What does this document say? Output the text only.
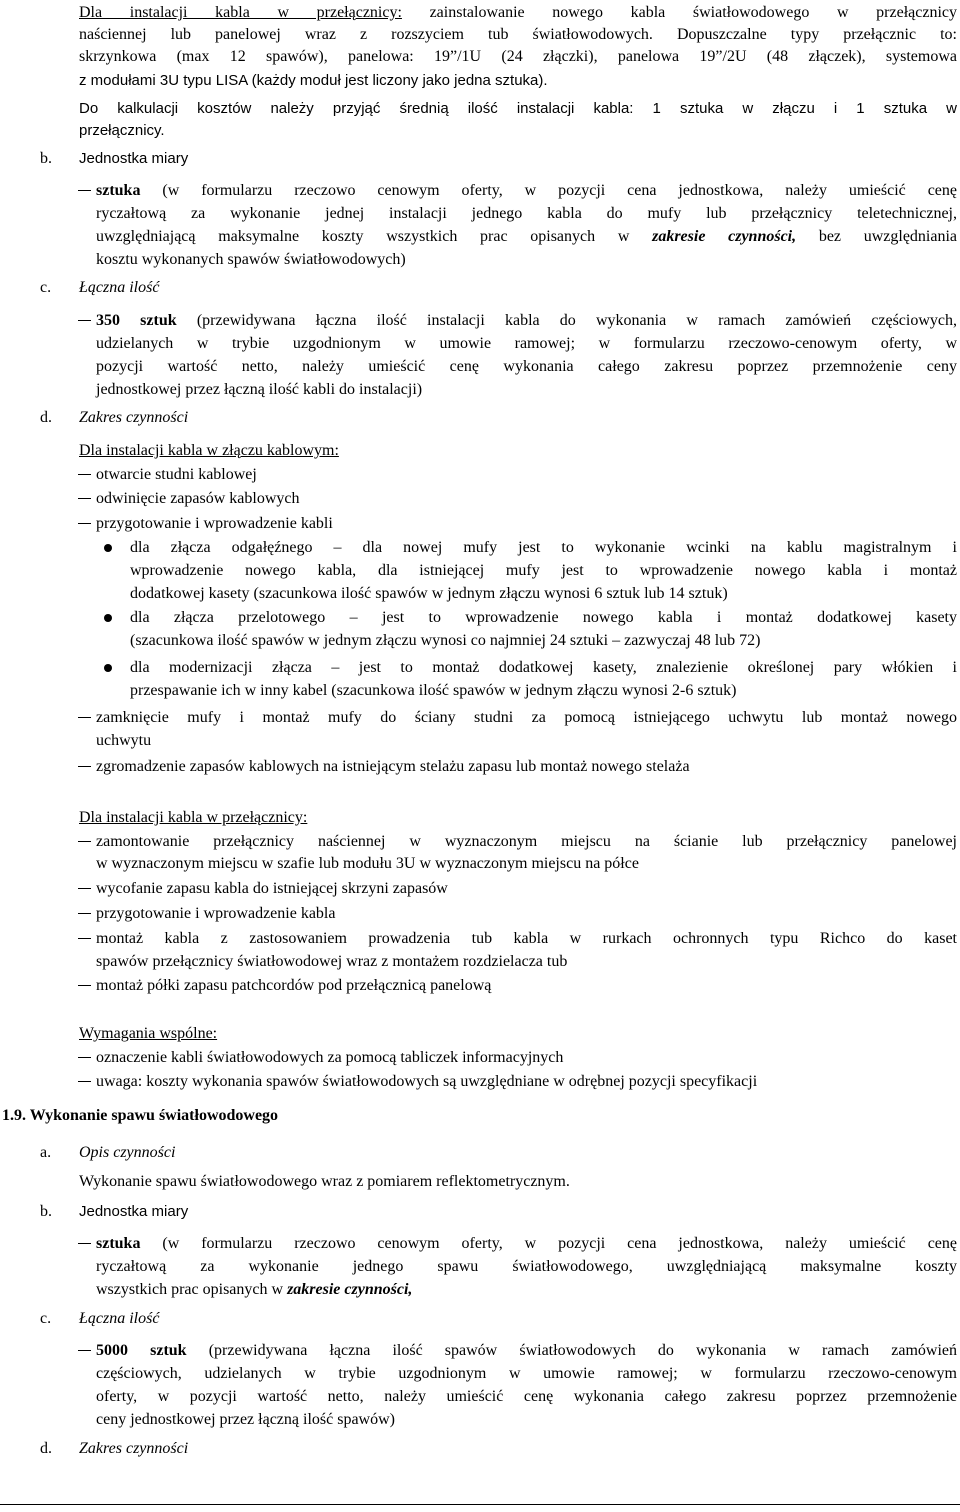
Dla instalacji kabla w przełącznicy: zainstalowanie nowego kabla światłowodowego w przełącznicy
naściennej lub panelowej wraz z rozszyciem tub światłowodowych. Dopuszczalne typy przełącznic to:
skrzynkowa (max 12 spawów), panelowa: 19”/1U (24 złączki), panelowa 19”/2U (48 złączek), systemowa
z modułami 3U typu LISA (każdy moduł jest liczony jako jedna sztuka).
Do kalkulacji kosztów należy przyjąć średnią ilość instalacji kabla: 1 sztuka w złączu i 1 sztuka w
przełącznicy.
b. Jednostka miary
sztuka (w formularzu rzeczowo cenowym oferty, w pozycji cena jednostkowa, należy umieścić cenę
ryczałtową za wykonanie jednej instalacji jednego kabla do mufy lub przełącznicy teletechnicznej,
uwzględniającą maksymalne koszty wszystkich prac opisanych w zakresie czynności, bez uwzględniania
kosztu wykonanych spawów światłowodowych)
c. Łączna ilość
350 sztuk (przewidywana łączna ilość instalacji kabla do wykonania w ramach zamówień częściowych,
udzielanych w trybie uzgodnionym w umowie ramowej; w formularzu rzeczowo-cenowym oferty, w
pozycji wartość netto, należy umieścić cenę wykonania całego zakresu poprzez przemnożenie ceny
jednostkowej przez łączną ilość kabli do instalacji)
d. Zakres czynności
Dla instalacji kabla w złączu kablowym:
otwarcie studni kablowej
odwinięcie zapasów kablowych
przygotowanie i wprowadzenie kabli
dla złącza odgałęźnego – dla nowej mufy jest to wykonanie wcinki na kablu magistralnym i
wprowadzenie nowego kabla, dla istniejącej mufy jest to wprowadzenie nowego kabla i montaż
dodatkowej kasety (szacunkowa ilość spawów w jednym złączu wynosi 6 sztuk lub 14 sztuk)
dla złącza przelotowego – jest to wprowadzenie nowego kabla i montaż dodatkowej kasety
(szacunkowa ilość spawów w jednym złączu wynosi co najmniej 24 sztuki – zazwyczaj 48 lub 72)
dla modernizacji złącza – jest to montaż dodatkowej kasety, znalezienie określonej pary włókien i
przespawanie ich w inny kabel (szacunkowa ilość spawów w jednym złączu wynosi 2-6 sztuk)
zamknięcie mufy i montaż mufy do ściany studni za pomocą istniejącego uchwytu lub montaż nowego
uchwytu
zgromadzenie zapasów kablowych na istniejącym stelażu zapasu lub montaż nowego stelaża
Dla instalacji kabla w przełącznicy:
zamontowanie przełącznicy naściennej w wyznaczonym miejscu na ścianie lub przełącznicy panelowej
w wyznaczonym miejscu w szafie lub modułu 3U w wyznaczonym miejscu na półce
wycofanie zapasu kabla do istniejącej skrzyni zapasów
przygotowanie i wprowadzenie kabla
montaż kabla z zastosowaniem prowadzenia tub kabla w rurkach ochronnych typu Richco do kaset
spawów przełącznicy światłowodowej wraz z montażem rozdzielacza tub
montaż półki zapasu patchcordów pod przełącznicą panelową
Wymagania wspólne:
oznaczenie kabli światłowodowych za pomocą tabliczek informacyjnych
uwaga: koszty wykonania spawów światłowodowych są uwzględniane w odrębnej pozycji specyfikacji
1.9. Wykonanie spawu światłowodowego
a. Opis czynności
Wykonanie spawu światłowodowego wraz z pomiarem reflektometrycznym.
b. Jednostka miary
sztuka (w formularzu rzeczowo cenowym oferty, w pozycji cena jednostkowa, należy umieścić cenę
ryczałtową za wykonanie jednego spawu światłowodowego, uwzględniającą maksymalne koszty
wszystkich prac opisanych w zakresie czynności,
c. Łączna ilość
5000 sztuk (przewidywana łączna ilość spawów światłowodowych do wykonania w ramach zamówień
częściowych, udzielanych w trybie uzgodnionym w umowie ramowej; w formularzu rzeczowo-cenowym
oferty, w pozycji wartość netto, należy umieścić cenę wykonania całego zakresu poprzez przemnożenie
ceny jednostkowej przez łączną ilość spawów)
d. Zakres czynności
